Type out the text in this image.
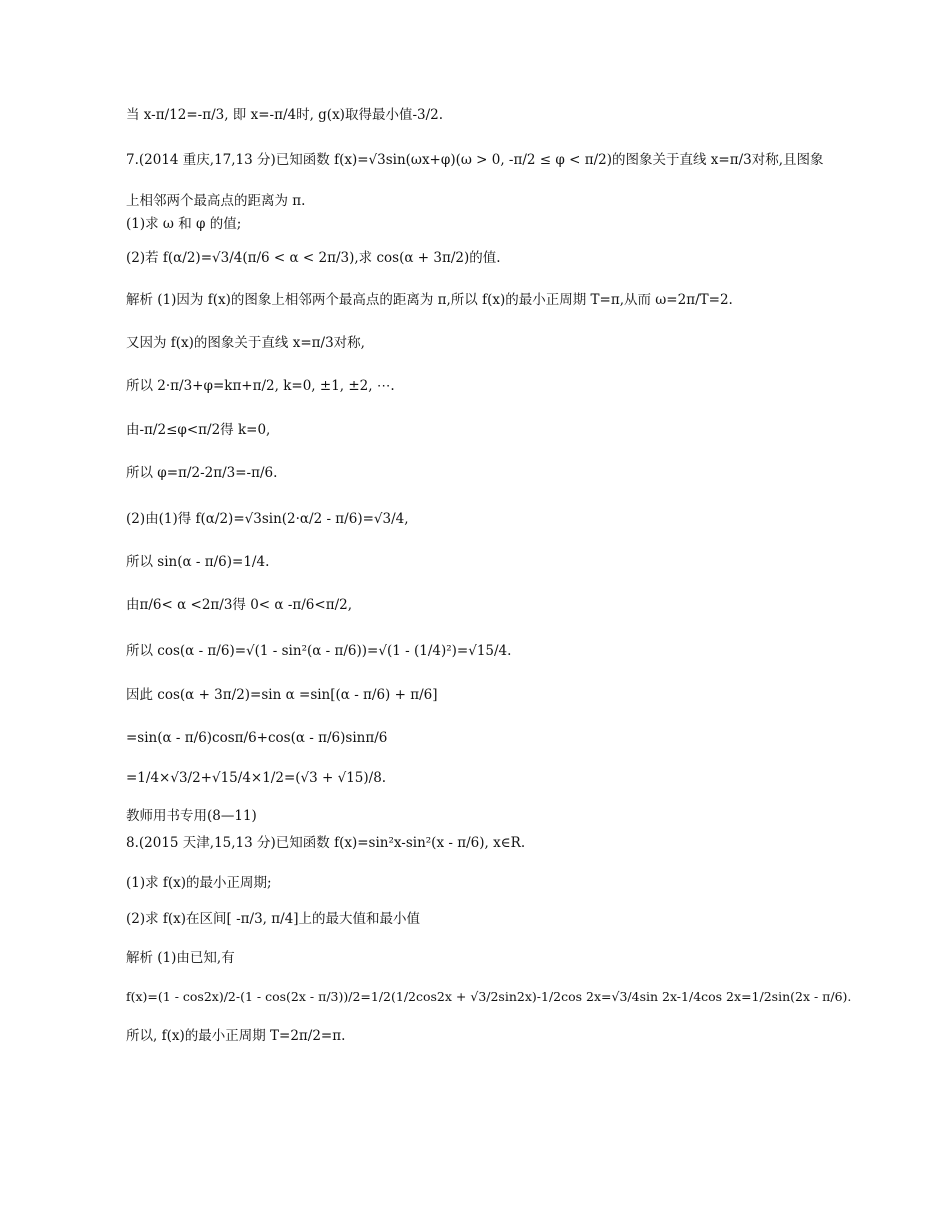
当 x-π/12=-π/3, 即 x=-π/4时, g(x)取得最小值-3/2.
7.(2014 重庆,17,13 分)已知函数 f(x)=√3sin(ωx+φ)(ω > 0, -π/2 ≤ φ < π/2)的图象关于直线 x=π/3对称,且图象
上相邻两个最高点的距离为 π.
(1)求 ω 和 φ 的值;
(2)若 f(α/2)=√3/4(π/6 < α < 2π/3),求 cos(α + 3π/2)的值.
解析 (1)因为 f(x)的图象上相邻两个最高点的距离为 π,所以 f(x)的最小正周期 T=π,从而 ω=2π/T=2.
又因为 f(x)的图象关于直线 x=π/3对称,
所以 2·π/3+φ=kπ+π/2, k=0, ±1, ±2, ⋯.
由-π/2≤φ<π/2得 k=0,
所以 φ=π/2-2π/3=-π/6.
(2)由(1)得 f(α/2)=√3sin(2·α/2 - π/6)=√3/4,
所以 sin(α - π/6)=1/4.
由π/6< α <2π/3得 0< α -π/6<π/2,
所以 cos(α - π/6)=√(1 - sin²(α - π/6))=√(1 - (1/4)²)=√15/4.
因此 cos(α + 3π/2)=sin α =sin[(α - π/6) + π/6]
=sin(α - π/6)cosπ/6+cos(α - π/6)sinπ/6
=1/4×√3/2+√15/4×1/2=(√3 + √15)/8.
教师用书专用(8—11)
8.(2015 天津,15,13 分)已知函数 f(x)=sin²x-sin²(x - π/6), x∈R.
(1)求 f(x)的最小正周期;
(2)求 f(x)在区间[ -π/3, π/4]上的最大值和最小值
解析 (1)由已知,有
f(x)=(1 - cos2x)/2-(1 - cos(2x - π/3))/2=1/2(1/2cos2x + √3/2sin2x)-1/2cos 2x=√3/4sin 2x-1/4cos 2x=1/2sin(2x - π/6).
所以, f(x)的最小正周期 T=2π/2=π.
